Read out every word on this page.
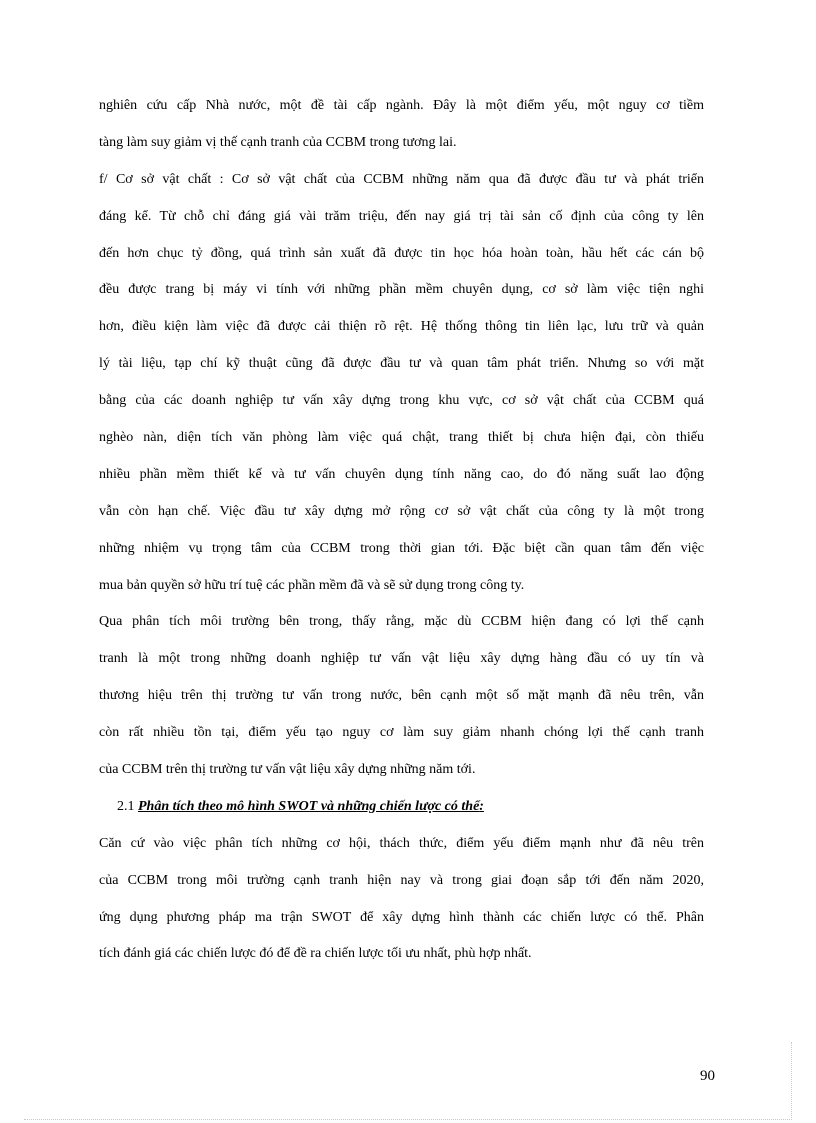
nghiên cứu cấp Nhà nước, một đề tài cấp ngành. Đây là một điểm yếu, một nguy cơ tiềm
tàng làm suy giảm vị thế cạnh tranh của CCBM trong tương lai.
f/ Cơ sở vật chất : Cơ sở vật chất của CCBM những năm qua đã được đầu tư và phát triển
đáng kể. Từ chỗ chỉ đáng giá vài trăm triệu, đến nay giá trị tài sản cố định của công ty lên
đến hơn chục tỷ đồng, quá trình sản xuất đã được tin học hóa hoàn toàn, hầu hết các cán bộ
đều được trang bị máy vi tính với những phần mềm chuyên dụng, cơ sở làm việc tiện nghi
hơn, điều kiện làm việc đã được cải thiện rõ rệt. Hệ thống thông tin liên lạc, lưu trữ và quản
lý tài liệu, tạp chí kỹ thuật cũng đã được đầu tư và quan tâm phát triển. Nhưng so với mặt
bằng của các doanh nghiệp tư vấn xây dựng trong khu vực, cơ sở vật chất của CCBM quá
nghèo nàn, diện tích văn phòng làm việc quá chật, trang thiết bị chưa hiện đại, còn thiếu
nhiều phần mềm thiết kế và tư vấn chuyên dụng tính năng cao, do đó năng suất lao động
vẫn còn hạn chế. Việc đầu tư xây dựng mở rộng cơ sở vật chất của công ty là một trong
những nhiệm vụ trọng tâm của CCBM trong thời gian tới. Đặc biệt cần quan tâm đến việc
mua bản quyền sở hữu trí tuệ các phần mềm đã và sẽ sử dụng trong công ty.
Qua phân tích môi trường bên trong, thấy rằng, mặc dù CCBM hiện đang có lợi thế cạnh
tranh là một trong những doanh nghiệp tư vấn vật liệu xây dựng hàng đầu có uy tín và
thương hiệu trên thị trường tư vấn trong nước, bên cạnh một số mặt mạnh đã nêu trên, vẫn
còn rất nhiều tồn tại, điểm yếu tạo nguy cơ làm suy giảm nhanh chóng lợi thế cạnh tranh
của CCBM trên thị trường tư vấn vật liệu xây dựng những năm tới.
2.1 Phân tích theo mô hình SWOT và những chiến lược có thể:
Căn cứ vào việc phân tích những cơ hội, thách thức, điểm yếu điểm mạnh như đã nêu trên
của CCBM trong môi trường cạnh tranh hiện nay và trong giai đoạn sắp tới đến năm 2020,
ứng dụng phương pháp ma trận SWOT để xây dựng hình thành các chiến lược có thể. Phân
tích đánh giá các chiến lược đó để đề ra chiến lược tối ưu nhất, phù hợp nhất.
90
